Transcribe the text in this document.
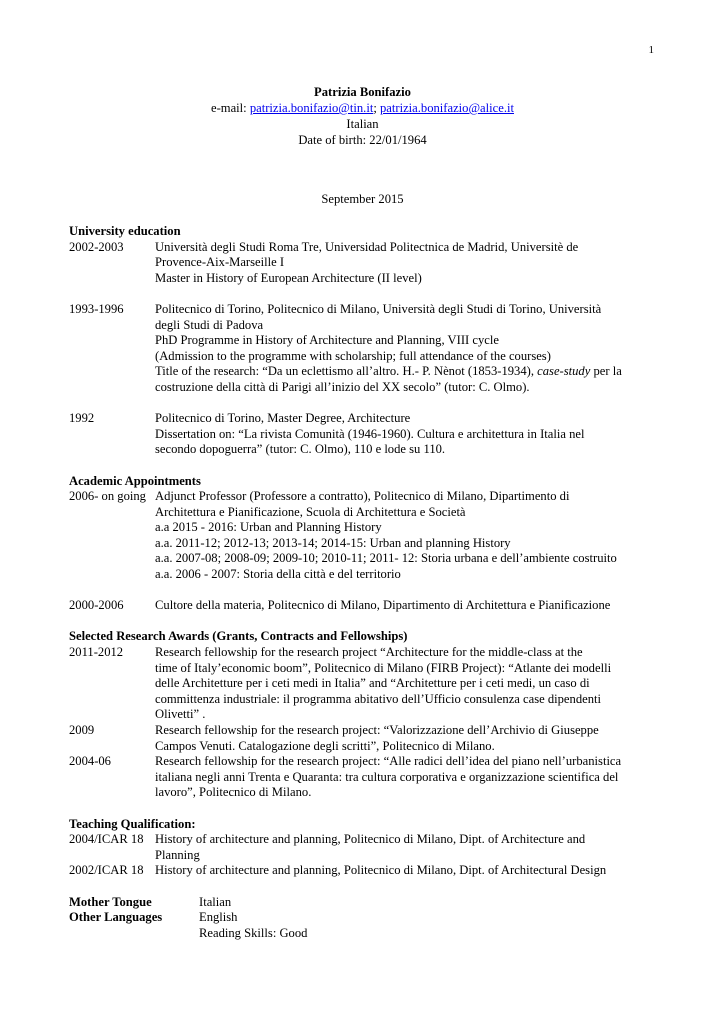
1
Patrizia Bonifazio
e-mail: patrizia.bonifazio@tin.it; patrizia.bonifazio@alice.it
Italian
Date of birth: 22/01/1964
September 2015
University education
2002-2003	Università degli Studi Roma Tre, Universidad Politectnica de Madrid, Universitè de
Provence-Aix-Marseille I
Master in History of European Architecture (II level)
1993-1996	Politecnico di Torino, Politecnico di Milano, Università degli Studi di Torino, Università
degli Studi di Padova
PhD Programme in History of Architecture and Planning, VIII cycle
(Admission to the programme with scholarship; full attendance of the courses)
Title of the research: “Da un eclettismo all’altro. H.- P. Nènot (1853-1934), case-study per la
costruzione della città di Parigi all’inizio del XX secolo” (tutor: C. Olmo).
1992	Politecnico di Torino, Master Degree, Architecture
Dissertation on: “La rivista Comunità (1946-1960). Cultura e architettura in Italia nel
secondo dopoguerra” (tutor: C. Olmo), 110 e lode su 110.
Academic Appointments
2006- on going Adjunct Professor (Professore a contratto), Politecnico di Milano, Dipartimento di
Architettura e Pianificazione, Scuola di Architettura e Società
a.a 2015 - 2016: Urban and Planning History
a.a. 2011-12; 2012-13; 2013-14; 2014-15: Urban and planning History
a.a. 2007-08; 2008-09; 2009-10; 2010-11; 2011- 12: Storia urbana e dell’ambiente costruito
a.a. 2006 - 2007: Storia della città e del territorio
2000-2006	Cultore della materia, Politecnico di Milano, Dipartimento di Architettura e Pianificazione
Selected Research Awards (Grants, Contracts and Fellowships)
2011-2012	Research fellowship for the research project “Architecture for the middle-class at the
time of Italy’economic boom”, Politecnico di Milano (FIRB Project): “Atlante dei modelli
delle Architetture per i ceti medi in Italia” and “Architetture per i ceti medi, un caso di
committenza industriale: il programma abitativo dell’Ufficio consulenza case dipendenti
Olivetti” .
2009	Research fellowship for the research project: “Valorizzazione dell’Archivio di Giuseppe
Campos Venuti. Catalogazione degli scritti”, Politecnico di Milano.
2004-06	Research fellowship for the research project: “Alle radici dell’idea del piano nell’urbanistica
italiana negli anni Trenta e Quaranta: tra cultura corporativa e organizzazione scientifica del
lavoro”, Politecnico di Milano.
Teaching Qualification:
2004/ICAR 18 History of architecture and planning, Politecnico di Milano, Dipt. of Architecture and
Planning
2002/ICAR 18 History of architecture and planning, Politecnico di Milano, Dipt. of Architectural Design
Mother Tongue	Italian
Other Languages	English
Reading Skills: Good
